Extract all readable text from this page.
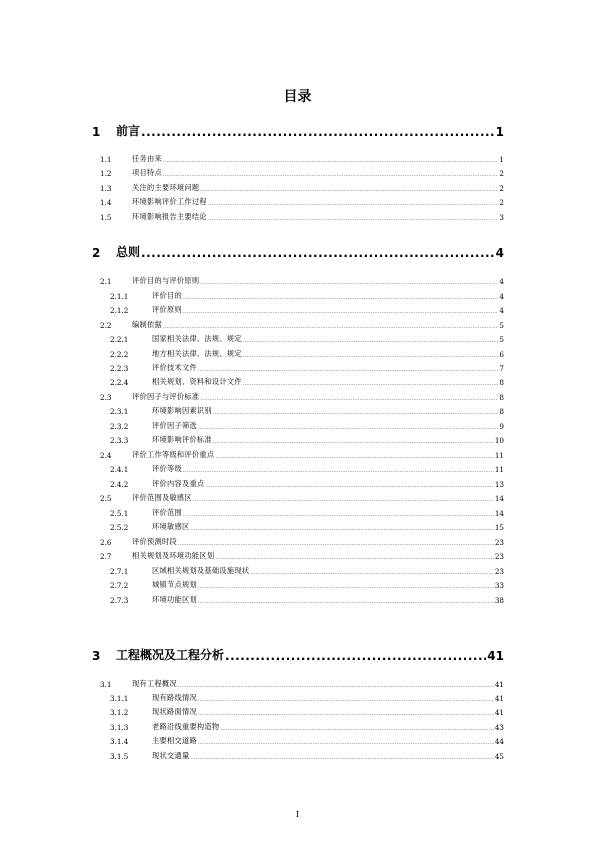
目录
1	前言 .....	1
1.1	任务由来 .....	1
1.2	项目特点 .....	2
1.3	关注的主要环境问题 .....	2
1.4	环境影响评价工作过程 .....	2
1.5	环境影响报告主要结论 .....	3
2	总则 .....	4
2.1	评价目的与评价原则 .....	4
2.1.1	评价目的 .....	4
2.1.2	评价原则 .....	4
2.2	编制依据 .....	5
2.2.1	国家相关法律、法规、规定 .....	5
2.2.2	地方相关法律、法规、规定 .....	6
2.2.3	评价技术文件 .....	7
2.2.4	相关规划、资料和设计文件 .....	8
2.3	评价因子与评价标准 .....	8
2.3.1	环境影响因素识别 .....	8
2.3.2	评价因子筛选 .....	9
2.3.3	环境影响评价标准 .....	10
2.4	评价工作等级和评价重点 .....	11
2.4.1	评价等级 .....	11
2.4.2	评价内容及重点 .....	13
2.5	评价范围及敏感区 .....	14
2.5.1	评价范围 .....	14
2.5.2	环境敏感区 .....	15
2.6	评价预测时段 .....	23
2.7	相关规划及环境功能区划 .....	23
2.7.1	区域相关规划及基础设施现状 .....	23
2.7.2	城镇节点规划 .....	33
2.7.3	环境功能区划 .....	38
3	工程概况及工程分析 .....	41
3.1	现有工程概况 .....	41
3.1.1	现有路线情况 .....	41
3.1.2	现状路面情况 .....	41
3.1.3	老路沿线重要构造物 .....	43
3.1.4	主要相交道路 .....	44
3.1.5	现状交通量 .....	45
I
